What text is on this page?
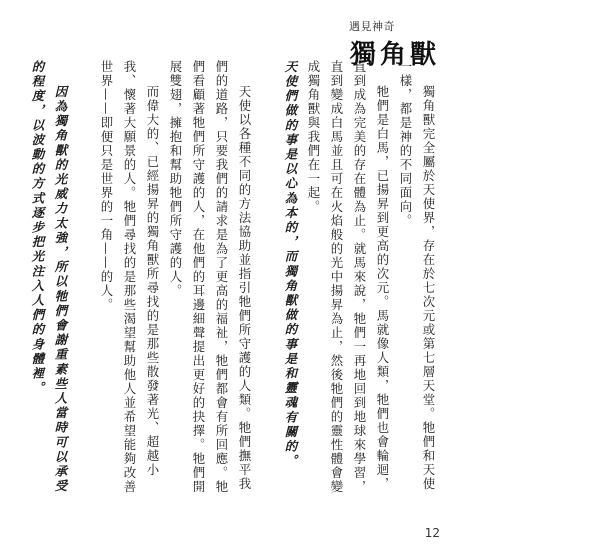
遇見神奇
獨角獸

獨角獸完全屬於天使界，存在於七次元或第七層天堂。牠們和天使一樣，都是神的不同面向。

牠們是白馬，已揚昇到更高的次元。馬就像人類，牠們也會輪迴，直到成為完美的存在體為止。就馬來說，牠們一再地回到地球來學習，直到變成白馬並且可在火焰般的光中揚昇為止，然後牠們的靈性體會變成獨角獸與我們在一起。

天使們做的事是以心為本的，而獨角獸做的事是和靈魂有關的。

天使以各種不同的方法協助並指引牠們所守護的人類。牠們撫平我們的道路，只要我們的請求是為了更高的福祉，牠們都會有所回應。牠們看顧著牠們所守護的人，在他們的耳邊細聲提出更好的抉擇。牠們開展雙翅，擁抱和幫助牠們所守護的人。

而偉大的、已經揚昇的獨角獸所尋找的是那些散發著光、超越小我、懷著大願景的人。牠們尋找的是那些渴望幫助他人並希望能夠改善世界——即便只是世界的一角——的人。

因為獨角獸的光威力太強，所以牠們會謝重素些人當時可以承受的程度，以波動的方式逐步把光注入人們的身體裡。

12
